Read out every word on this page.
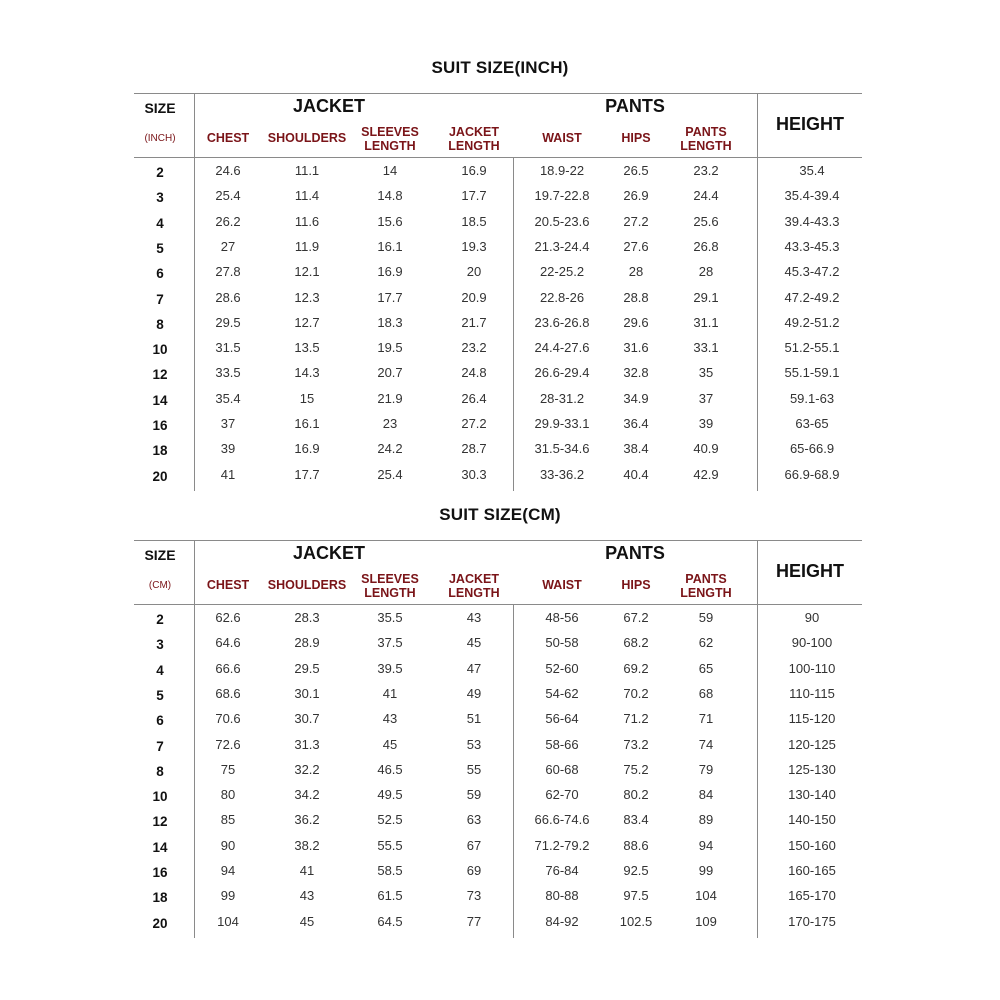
SUIT SIZE(INCH)
SIZE
(INCH)
JACKET	PANTS
HEIGHT
CHEST	SHOULDERS	SLEEVES
LENGTH
JACKET
LENGTH
WAIST	HIPS	PANTS
LENGTH
2	24.6	11.1	14	16.9	18.9-22	26.5	23.2	35.4
3	25.4	11.4	14.8	17.7	19.7-22.8	26.9	24.4	35.4-39.4
4	26.2	11.6	15.6	18.5	20.5-23.6	27.2	25.6	39.4-43.3
5	27	11.9	16.1	19.3	21.3-24.4	27.6	26.8	43.3-45.3
6	27.8	12.1	16.9	20	22-25.2	28	28	45.3-47.2
7	28.6	12.3	17.7	20.9	22.8-26	28.8	29.1	47.2-49.2
8	29.5	12.7	18.3	21.7	23.6-26.8	29.6	31.1	49.2-51.2
10	31.5	13.5	19.5	23.2	24.4-27.6	31.6	33.1	51.2-55.1
12	33.5	14.3	20.7	24.8	26.6-29.4	32.8	35	55.1-59.1
14	35.4	15	21.9	26.4	28-31.2	34.9	37	59.1-63
16	37	16.1	23	27.2	29.9-33.1	36.4	39	63-65
18	39	16.9	24.2	28.7	31.5-34.6	38.4	40.9	65-66.9
20	41	17.7	25.4	30.3	33-36.2	40.4	42.9	66.9-68.9
SUIT SIZE(CM)
SIZE
(CM)
JACKET	PANTS
HEIGHT
CHEST	SHOULDERS	SLEEVES
LENGTH
JACKET
LENGTH
WAIST	HIPS	PANTS
LENGTH
2	62.6	28.3	35.5	43	48-56	67.2	59	90
3	64.6	28.9	37.5	45	50-58	68.2	62	90-100
4	66.6	29.5	39.5	47	52-60	69.2	65	100-110
5	68.6	30.1	41	49	54-62	70.2	68	110-115
6	70.6	30.7	43	51	56-64	71.2	71	115-120
7	72.6	31.3	45	53	58-66	73.2	74	120-125
8	75	32.2	46.5	55	60-68	75.2	79	125-130
10	80	34.2	49.5	59	62-70	80.2	84	130-140
12	85	36.2	52.5	63	66.6-74.6	83.4	89	140-150
14	90	38.2	55.5	67	71.2-79.2	88.6	94	150-160
16	94	41	58.5	69	76-84	92.5	99	160-165
18	99	43	61.5	73	80-88	97.5	104	165-170
20	104	45	64.5	77	84-92	102.5	109	170-175
